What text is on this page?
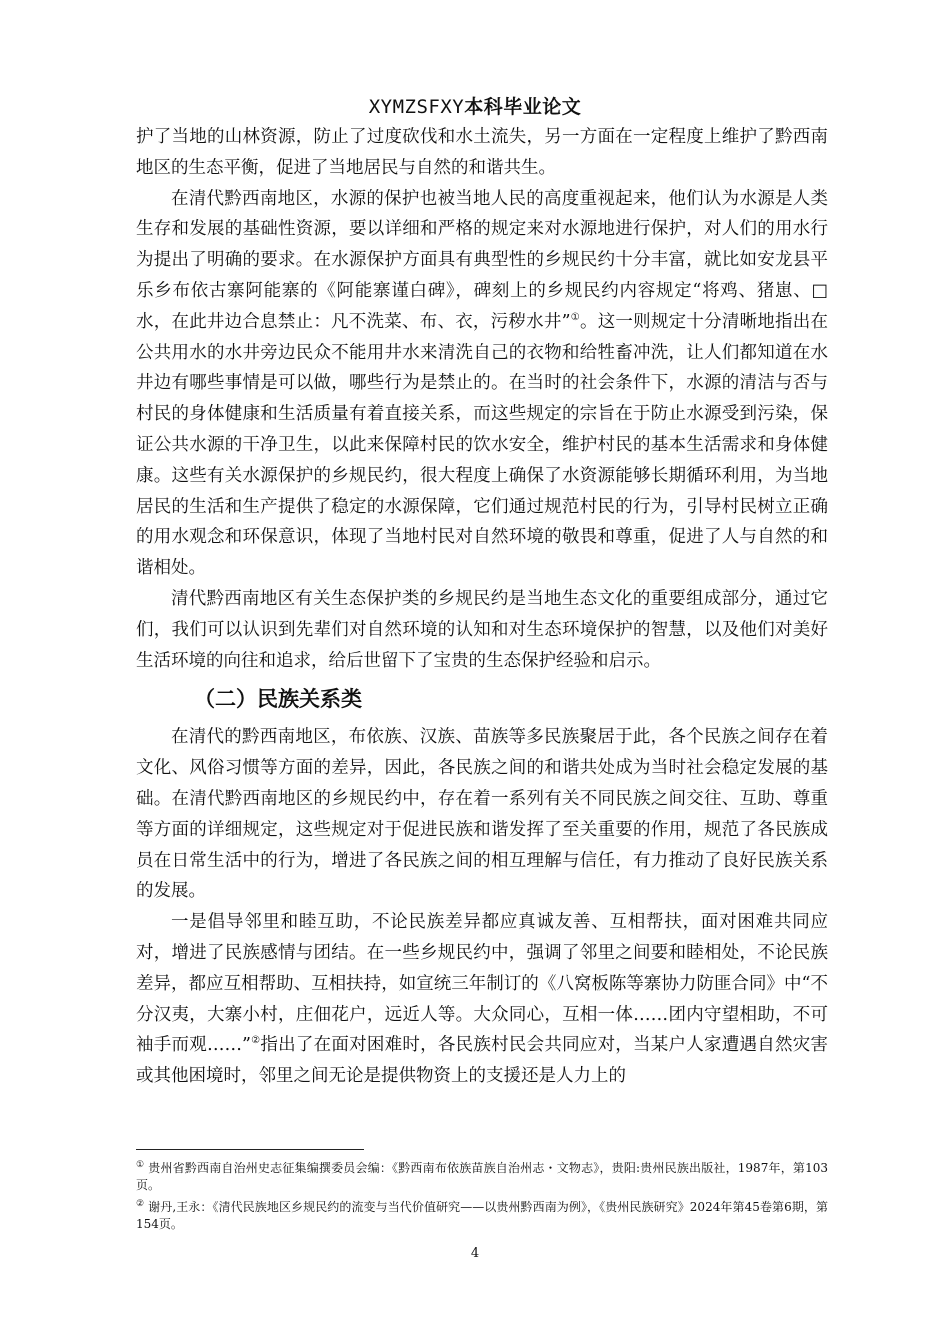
XYMZSFXY本科毕业论文

护了当地的山林资源，防止了过度砍伐和水土流失，另一方面在一定程度上维护了黔西南地区的生态平衡，促进了当地居民与自然的和谐共生。

在清代黔西南地区，水源的保护也被当地人民的高度重视起来，他们认为水源是人类生存和发展的基础性资源，要以详细和严格的规定来对水源地进行保护，对人们的用水行为提出了明确的要求。在水源保护方面具有典型性的乡规民约十分丰富，就比如安龙县平乐乡布依古寨阿能寨的《阿能寨谨白碑》，碑刻上的乡规民约内容规定“将鸡、猪崽、□水，在此井边合息禁止：凡不洗菜、布、衣，污秽水井”①。这一则规定十分清晰地指出在公共用水的水井旁边民众不能用井水来清洗自己的衣物和给牲畜冲洗，让人们都知道在水井边有哪些事情是可以做，哪些行为是禁止的。在当时的社会条件下，水源的清洁与否与村民的身体健康和生活质量有着直接关系，而这些规定的宗旨在于防止水源受到污染，保证公共水源的干净卫生，以此来保障村民的饮水安全，维护村民的基本生活需求和身体健康。这些有关水源保护的乡规民约，很大程度上确保了水资源能够长期循环利用，为当地居民的生活和生产提供了稳定的水源保障，它们通过规范村民的行为，引导村民树立正确的用水观念和环保意识，体现了当地村民对自然环境的敬畏和尊重，促进了人与自然的和谐相处。

清代黔西南地区有关生态保护类的乡规民约是当地生态文化的重要组成部分，通过它们，我们可以认识到先辈们对自然环境的认知和对生态环境保护的智慧，以及他们对美好生活环境的向往和追求，给后世留下了宝贵的生态保护经验和启示。

（二）民族关系类

在清代的黔西南地区，布依族、汉族、苗族等多民族聚居于此，各个民族之间存在着文化、风俗习惯等方面的差异，因此，各民族之间的和谐共处成为当时社会稳定发展的基础。在清代黔西南地区的乡规民约中，存在着一系列有关不同民族之间交往、互助、尊重等方面的详细规定，这些规定对于促进民族和谐发挥了至关重要的作用，规范了各民族成员在日常生活中的行为，增进了各民族之间的相互理解与信任，有力推动了良好民族关系的发展。

一是倡导邻里和睦互助，不论民族差异都应真诚友善、互相帮扶，面对困难共同应对，增进了民族感情与团结。在一些乡规民约中，强调了邻里之间要和睦相处，不论民族差异，都应互相帮助、互相扶持，如宣统三年制订的《八窝板陈等寨协力防匪合同》中“不分汉夷，大寨小村，庄佃花户，远近人等。大众同心，互相一体……团内守望相助，不可袖手而观……”②指出了在面对困难时，各民族村民会共同应对，当某户人家遭遇自然灾害或其他困境时，邻里之间无论是提供物资上的支援还是人力上的

① 贵州省黔西南自治州史志征集编撰委员会编：《黔西南布依族苗族自治州志・文物志》，贵阳:贵州民族出版社，1987年，第103页。
② 谢丹,王永：《清代民族地区乡规民约的流变与当代价值研究——以贵州黔西南为例》，《贵州民族研究》2024年第45卷第6期，第154页。
4
